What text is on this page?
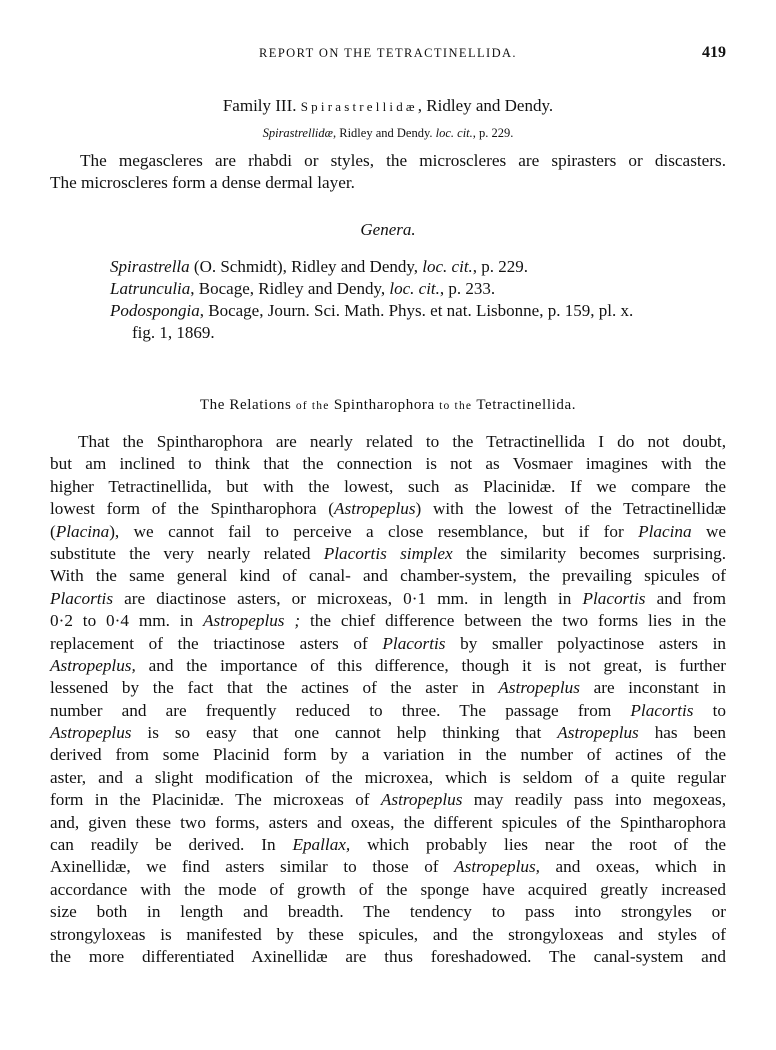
REPORT ON THE TETRACTINELLIDA.	419
Family III. Spirastrellidæ, Ridley and Dendy.
Spirastrellidæ, Ridley and Dendy. loc. cit., p. 229.
The megascleres are rhabdi or styles, the microscleres are spirasters or discasters.
The microscleres form a dense dermal layer.
Genera.
Spirastrella (O. Schmidt), Ridley and Dendy, loc. cit., p. 229.
Latrunculia, Bocage, Ridley and Dendy, loc. cit., p. 233.
Podospongia, Bocage, Journ. Sci. Math. Phys. et nat. Lisbonne, p. 159, pl. x.
fig. 1, 1869.
The Relations of the Spintharophora to the Tetractinellida.
That the Spintharophora are nearly related to the Tetractinellida I do not doubt,
but am inclined to think that the connection is not as Vosmaer imagines with the
higher Tetractinellida, but with the lowest, such as Placinidæ. If we compare the
lowest form of the Spintharophora (Astropeplus) with the lowest of the Tetractinellidæ
(Placina), we cannot fail to perceive a close resemblance, but if for Placina we
substitute the very nearly related Placortis simplex the similarity becomes surprising.
With the same general kind of canal- and chamber-system, the prevailing spicules of
Placortis are diactinose asters, or microxeas, 0·1 mm. in length in Placortis and from
0·2 to 0·4 mm. in Astropeplus ; the chief difference between the two forms lies in the
replacement of the triactinose asters of Placortis by smaller polyactinose asters in
Astropeplus, and the importance of this difference, though it is not great, is further
lessened by the fact that the actines of the aster in Astropeplus are inconstant in
number and are frequently reduced to three. The passage from Placortis to
Astropeplus is so easy that one cannot help thinking that Astropeplus has been
derived from some Placinid form by a variation in the number of actines of the
aster, and a slight modification of the microxea, which is seldom of a quite regular
form in the Placinidæ. The microxeas of Astropeplus may readily pass into megoxeas,
and, given these two forms, asters and oxeas, the different spicules of the Spintharophora
can readily be derived. In Epallax, which probably lies near the root of the
Axinellidæ, we find asters similar to those of Astropeplus, and oxeas, which in
accordance with the mode of growth of the sponge have acquired greatly increased
size both in length and breadth. The tendency to pass into strongyles or
strongyloxeas is manifested by these spicules, and the strongyloxeas and styles of
the more differentiated Axinellidæ are thus foreshadowed. The canal-system and
